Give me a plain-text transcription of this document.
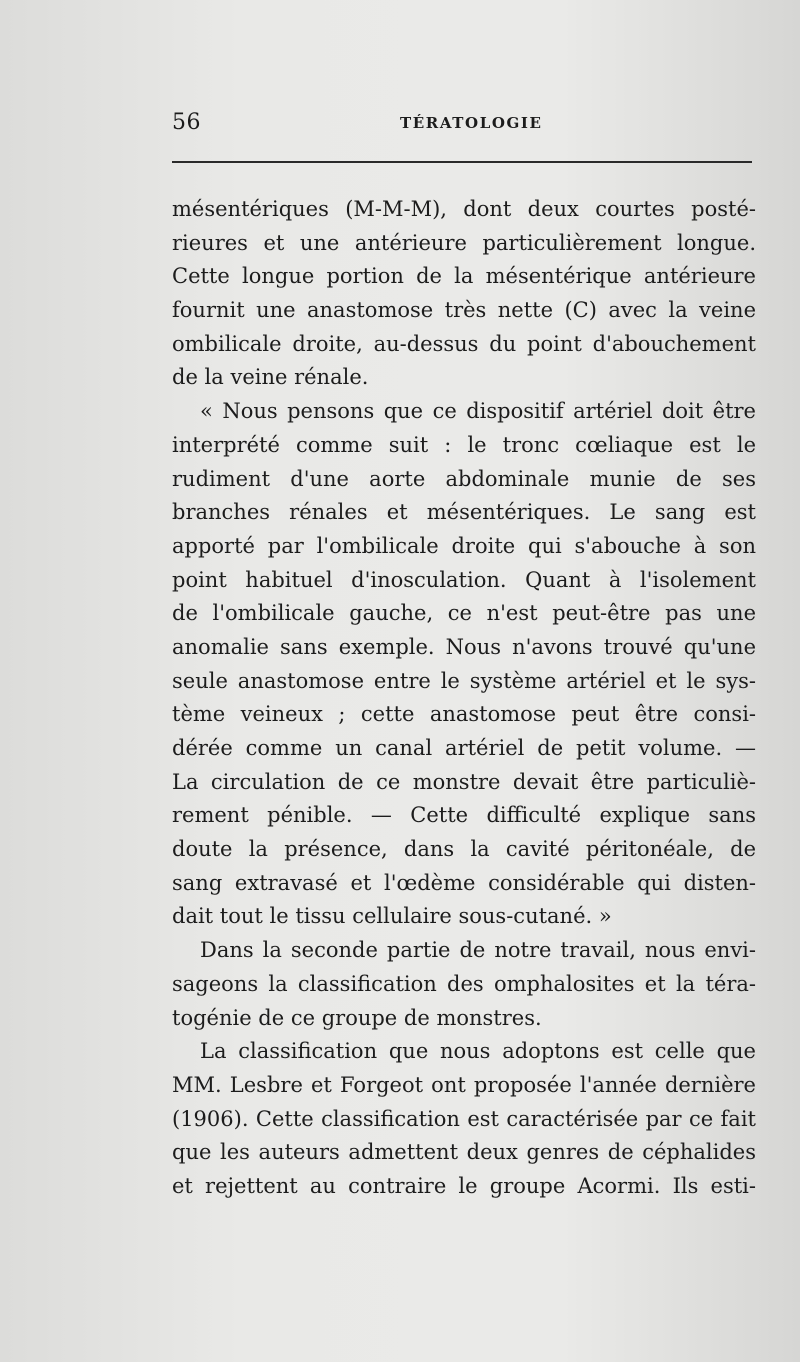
56	TÉRATOLOGIE
mésentériques (M-M-M), dont deux courtes posté-
rieures et une antérieure particulièrement longue.
Cette longue portion de la mésentérique antérieure
fournit une anastomose très nette (C) avec la veine
ombilicale droite, au-dessus du point d'abouchement
de la veine rénale.
« Nous pensons que ce dispositif artériel doit être
interprété comme suit : le tronc cœliaque est le
rudiment d'une aorte abdominale munie de ses
branches rénales et mésentériques. Le sang est
apporté par l'ombilicale droite qui s'abouche à son
point habituel d'inosculation. Quant à l'isolement
de l'ombilicale gauche, ce n'est peut-être pas une
anomalie sans exemple. Nous n'avons trouvé qu'une
seule anastomose entre le système artériel et le sys-
tème veineux ; cette anastomose peut être consi-
dérée comme un canal artériel de petit volume. —
La circulation de ce monstre devait être particuliè-
rement pénible. — Cette difficulté explique sans
doute la présence, dans la cavité péritonéale, de
sang extravasé et l'œdème considérable qui disten-
dait tout le tissu cellulaire sous-cutané. »
Dans la seconde partie de notre travail, nous envi-
sageons la classification des omphalosites et la téra-
togénie de ce groupe de monstres.
La classification que nous adoptons est celle que
MM. Lesbre et Forgeot ont proposée l'année dernière
(1906). Cette classification est caractérisée par ce fait
que les auteurs admettent deux genres de céphalides
et rejettent au contraire le groupe Acormi. Ils esti-
